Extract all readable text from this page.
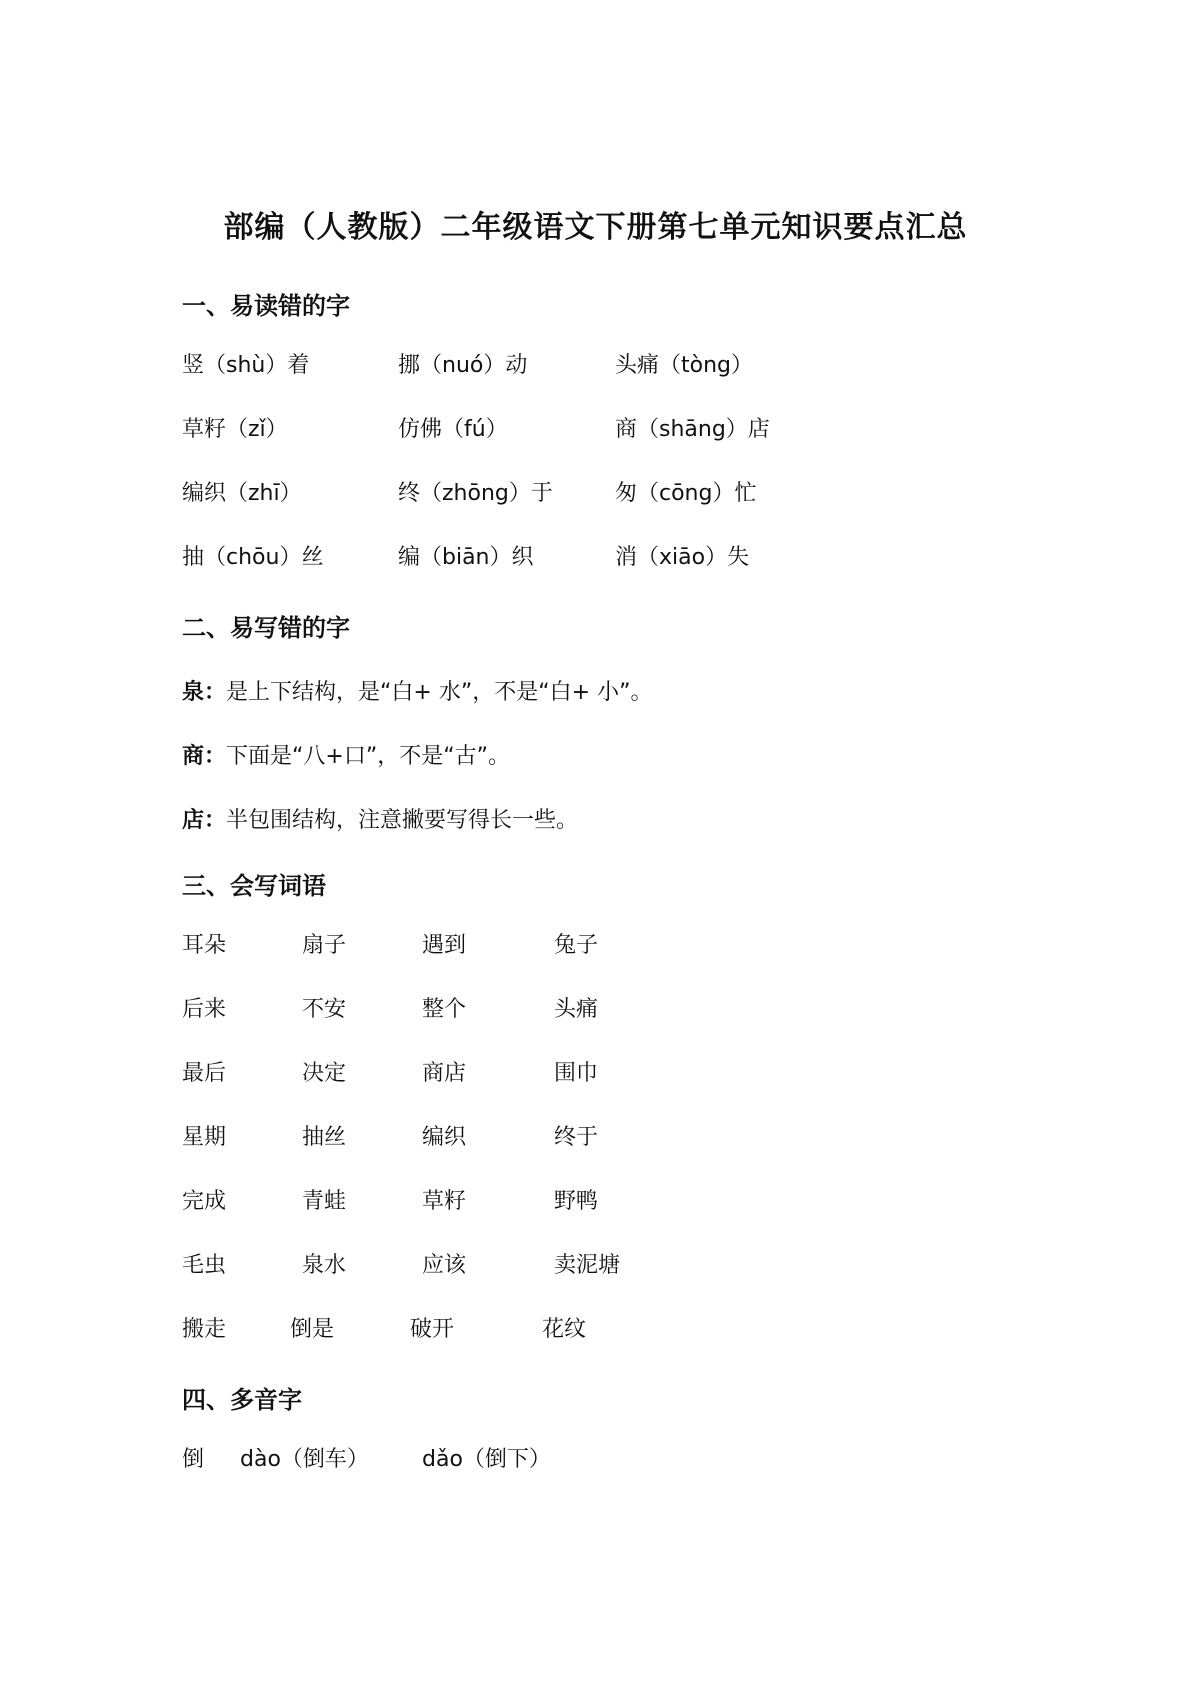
部编（人教版）二年级语文下册第七单元知识要点汇总
一、易读错的字
竖（shù）着	挪（nuó）动	头痛（tòng）
草籽（zǐ）	仿佛（fú）	商（shāng）店
编织（zhī）	终（zhōng）于	匆（cōng）忙
抽（chōu）丝	编（biān）织	消（xiāo）失
二、易写错的字
泉：是上下结构，是“白+ 水”，不是“白+ 小”。
商：下面是“八+口”，不是“古”。
店：半包围结构，注意撇要写得长一些。
三、会写词语
耳朵	扇子	遇到	兔子
后来	不安	整个	头痛
最后	决定	商店	围巾
星期	抽丝	编织	终于
完成	青蛙	草籽	野鸭
毛虫	泉水	应该	卖泥塘
搬走	倒是	破开	花纹
四、多音字
倒 dào（倒车） dǎo（倒下）
